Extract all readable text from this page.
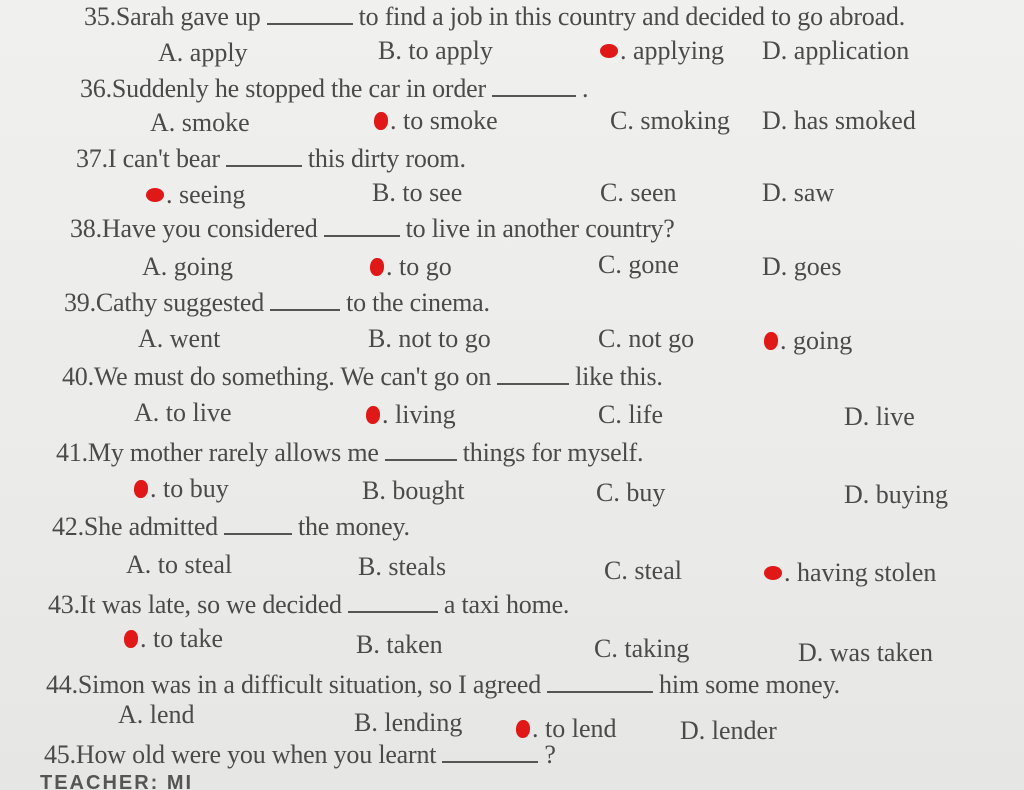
35.Sarah gave up	to find a job in this country and decided to go abroad.
A. apply	B. to apply	. applying D. application
36.Suddenly he stopped the car in order	.
A. smoke	. to smoke	C. smoking D. has smoked
37.I can't bear	this dirty room.
. seeing	B. to see	C. seen	D. saw
38.Have you considered	to live in another country?
A. going	. to go	C. gone	D. goes
39.Cathy suggested	to the cinema.
A. went	B. not to go	C. not go	. going
40.We must do something. We can't go on	like this.
A. to live	. living	C. life	D. live
41.My mother rarely allows me	things for myself.
. to buy	B. bought	C. buy	D. buying
42.She admitted	the money.
A. to steal	B. steals	C. steal	. having stolen
43.It was late, so we decided	a taxi home.
. to take	B. taken	C. taking	D. was taken
44.Simon was in a difficult situation, so I agreed	him some money.
A. lend	B. lending	. to lend D. lender
45.How old were you when you learnt	?
TEACHER: MI
